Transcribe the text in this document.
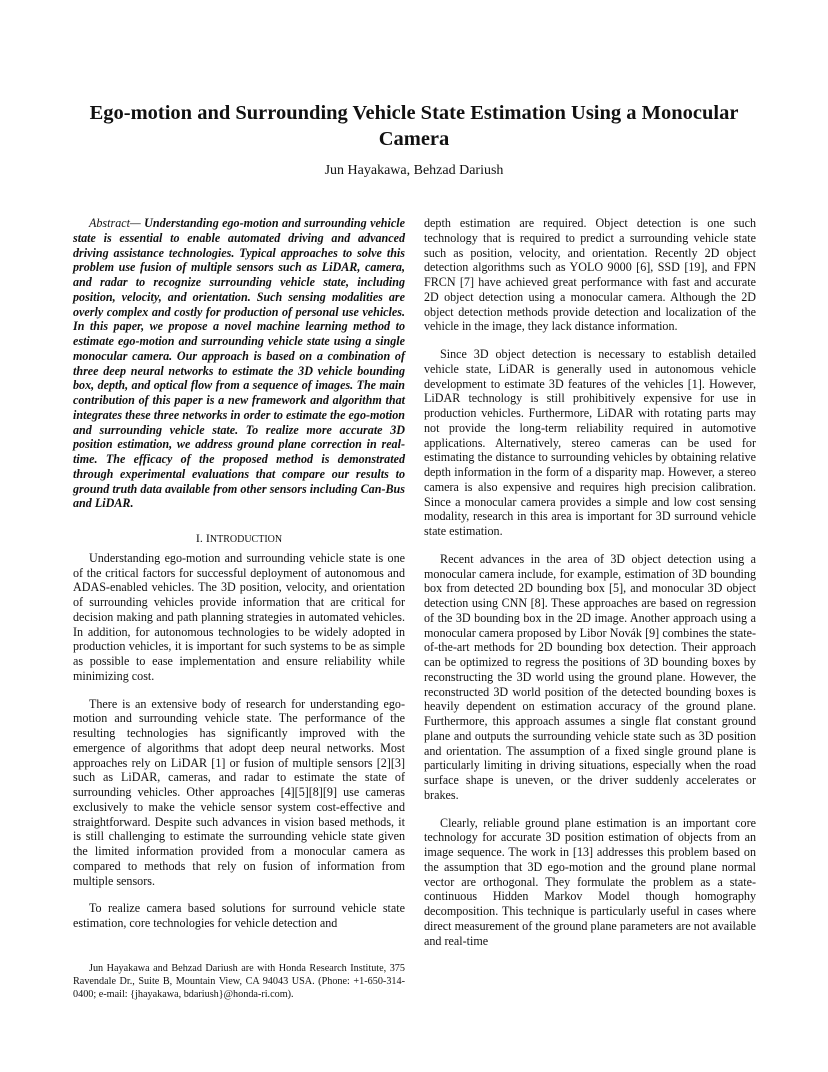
Ego-motion and Surrounding Vehicle State Estimation Using a Monocular Camera
Jun Hayakawa, Behzad Dariush

Abstract— Understanding ego-motion and surrounding vehicle state is essential to enable automated driving and advanced driving assistance technologies. Typical approaches to solve this problem use fusion of multiple sensors such as LiDAR, camera, and radar to recognize surrounding vehicle state, including position, velocity, and orientation. Such sensing modalities are overly complex and costly for production of personal use vehicles. In this paper, we propose a novel machine learning method to estimate ego-motion and surrounding vehicle state using a single monocular camera. Our approach is based on a combination of three deep neural networks to estimate the 3D vehicle bounding box, depth, and optical flow from a sequence of images. The main contribution of this paper is a new framework and algorithm that integrates these three networks in order to estimate the ego-motion and surrounding vehicle state. To realize more accurate 3D position estimation, we address ground plane correction in real-time. The efficacy of the proposed method is demonstrated through experimental evaluations that compare our results to ground truth data available from other sensors including Can-Bus and LiDAR.

I. INTRODUCTION

Understanding ego-motion and surrounding vehicle state is one of the critical factors for successful deployment of autonomous and ADAS-enabled vehicles. The 3D position, velocity, and orientation of surrounding vehicles provide information that are critical for decision making and path planning strategies in automated vehicles. In addition, for autonomous technologies to be widely adopted in production vehicles, it is important for such systems to be as simple as possible to ease implementation and ensure reliability while minimizing cost.

There is an extensive body of research for understanding ego-motion and surrounding vehicle state. The performance of the resulting technologies has significantly improved with the emergence of algorithms that adopt deep neural networks. Most approaches rely on LiDAR [1] or fusion of multiple sensors [2][3] such as LiDAR, cameras, and radar to estimate the state of surrounding vehicles. Other approaches [4][5][8][9] use cameras exclusively to make the vehicle sensor system cost-effective and straightforward. Despite such advances in vision based methods, it is still challenging to estimate the surrounding vehicle state given the limited information provided from a monocular camera as compared to methods that rely on fusion of information from multiple sensors.

To realize camera based solutions for surround vehicle state estimation, core technologies for vehicle detection and

Jun Hayakawa and Behzad Dariush are with Honda Research Institute, 375 Ravendale Dr., Suite B, Mountain View, CA 94043 USA. (Phone: +1-650-314-0400; e-mail: {jhayakawa, bdariush}@honda-ri.com).

depth estimation are required. Object detection is one such technology that is required to predict a surrounding vehicle state such as position, velocity, and orientation. Recently 2D object detection algorithms such as YOLO 9000 [6], SSD [19], and FPN FRCN [7] have achieved great performance with fast and accurate 2D object detection using a monocular camera. Although the 2D object detection methods provide detection and localization of the vehicle in the image, they lack distance information.

Since 3D object detection is necessary to establish detailed vehicle state, LiDAR is generally used in autonomous vehicle development to estimate 3D features of the vehicles [1]. However, LiDAR technology is still prohibitively expensive for use in production vehicles. Furthermore, LiDAR with rotating parts may not provide the long-term reliability required in automotive applications. Alternatively, stereo cameras can be used for estimating the distance to surrounding vehicles by obtaining relative depth information in the form of a disparity map. However, a stereo camera is also expensive and requires high precision calibration. Since a monocular camera provides a simple and low cost sensing modality, research in this area is important for 3D surround vehicle state estimation.

Recent advances in the area of 3D object detection using a monocular camera include, for example, estimation of 3D bounding box from detected 2D bounding box [5], and monocular 3D object detection using CNN [8]. These approaches are based on regression of the 3D bounding box in the 2D image. Another approach using a monocular camera proposed by Libor Novák [9] combines the state-of-the-art methods for 2D bounding box detection. Their approach can be optimized to regress the positions of 3D bounding boxes by reconstructing the 3D world using the ground plane. However, the reconstructed 3D world position of the detected bounding boxes is heavily dependent on estimation accuracy of the ground plane. Furthermore, this approach assumes a single flat constant ground plane and outputs the surrounding vehicle state such as 3D position and orientation. The assumption of a fixed single ground plane is particularly limiting in driving situations, especially when the road surface shape is uneven, or the driver suddenly accelerates or brakes.

Clearly, reliable ground plane estimation is an important core technology for accurate 3D position estimation of objects from an image sequence. The work in [13] addresses this problem based on the assumption that 3D ego-motion and the ground plane normal vector are orthogonal. They formulate the problem as a state-continuous Hidden Markov Model though homography decomposition. This technique is particularly useful in cases where direct measurement of the ground plane parameters are not available and real-time
